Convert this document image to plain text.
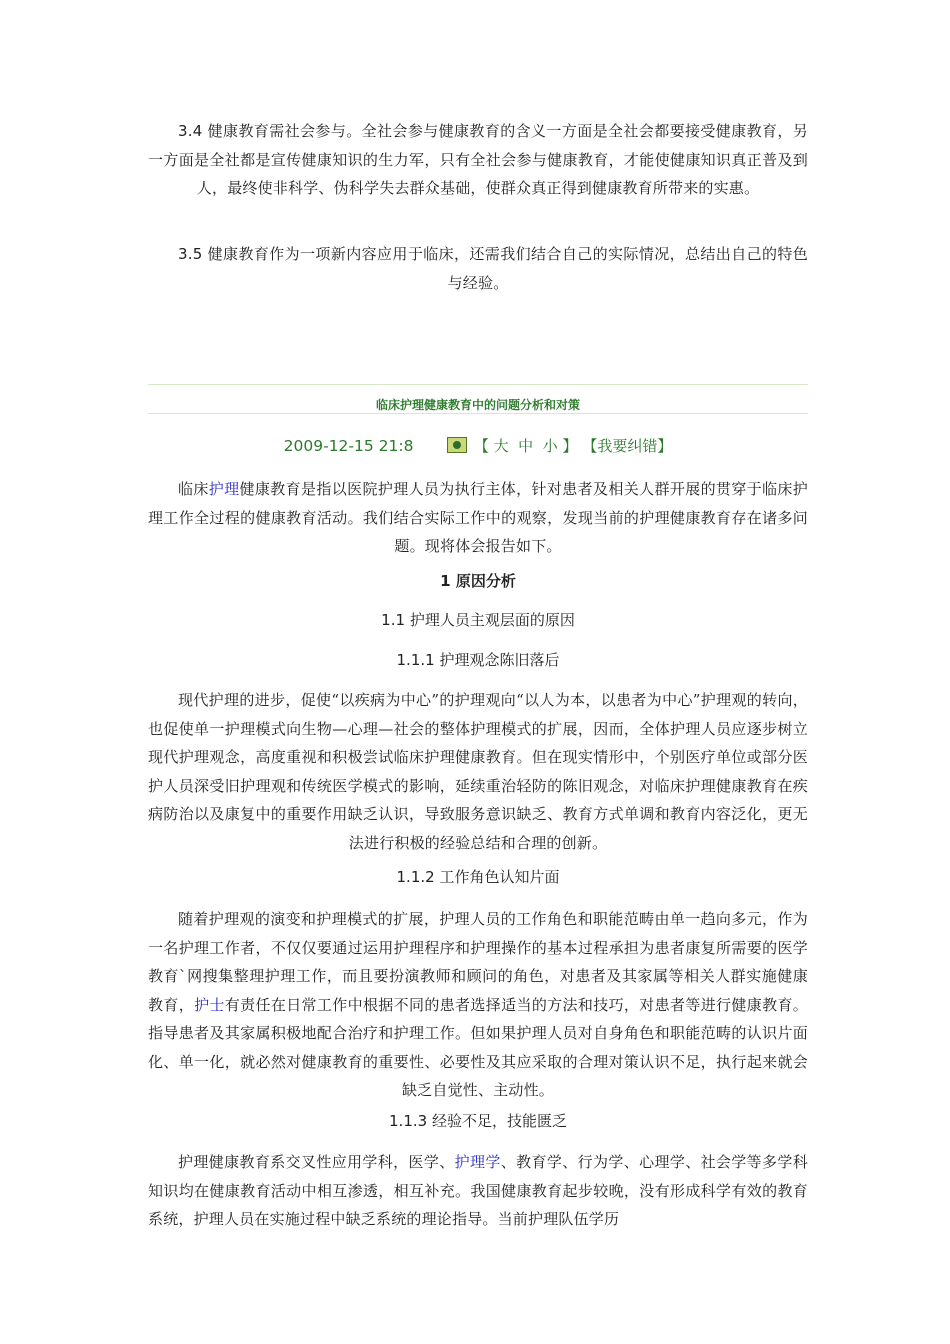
3.4 健康教育需社会参与。全社会参与健康教育的含义一方面是全社会都要接受健康教育，另一方面是全社都是宣传健康知识的生力军，只有全社会参与健康教育，才能使健康知识真正普及到人，最终使非科学、伪科学失去群众基础，使群众真正得到健康教育所带来的实惠。

3.5 健康教育作为一项新内容应用于临床，还需我们结合自己的实际情况，总结出自己的特色与经验。

临床护理健康教育中的问题分析和对策
2009-12-15 21:8	【 大 中 小 】 【我要纠错】

临床护理健康教育是指以医院护理人员为执行主体，针对患者及相关人群开展的贯穿于临床护理工作全过程的健康教育活动。我们结合实际工作中的观察，发现当前的护理健康教育存在诸多问题。现将体会报告如下。

1 原因分析

1.1 护理人员主观层面的原因

1.1.1 护理观念陈旧落后

现代护理的进步，促使“以疾病为中心”的护理观向“以人为本，以患者为中心”护理观的转向，也促使单一护理模式向生物—心理—社会的整体护理模式的扩展，因而，全体护理人员应逐步树立现代护理观念，高度重视和积极尝试临床护理健康教育。但在现实情形中，个别医疗单位或部分医护人员深受旧护理观和传统医学模式的影响，延续重治轻防的陈旧观念，对临床护理健康教育在疾病防治以及康复中的重要作用缺乏认识，导致服务意识缺乏、教育方式单调和教育内容泛化，更无法进行积极的经验总结和合理的创新。

1.1.2 工作角色认知片面

随着护理观的演变和护理模式的扩展，护理人员的工作角色和职能范畴由单一趋向多元，作为一名护理工作者，不仅仅要通过运用护理程序和护理操作的基本过程承担为患者康复所需要的医学教育`网搜集整理护理工作，而且要扮演教师和顾问的角色，对患者及其家属等相关人群实施健康教育，护士有责任在日常工作中根据不同的患者选择适当的方法和技巧，对患者等进行健康教育。指导患者及其家属积极地配合治疗和护理工作。但如果护理人员对自身角色和职能范畴的认识片面化、单一化，就必然对健康教育的重要性、必要性及其应采取的合理对策认识不足，执行起来就会缺乏自觉性、主动性。

1.1.3 经验不足，技能匮乏

护理健康教育系交叉性应用学科，医学、护理学、教育学、行为学、心理学、社会学等多学科知识均在健康教育活动中相互渗透，相互补充。我国健康教育起步较晚，没有形成科学有效的教育系统，护理人员在实施过程中缺乏系统的理论指导。当前护理队伍学历
